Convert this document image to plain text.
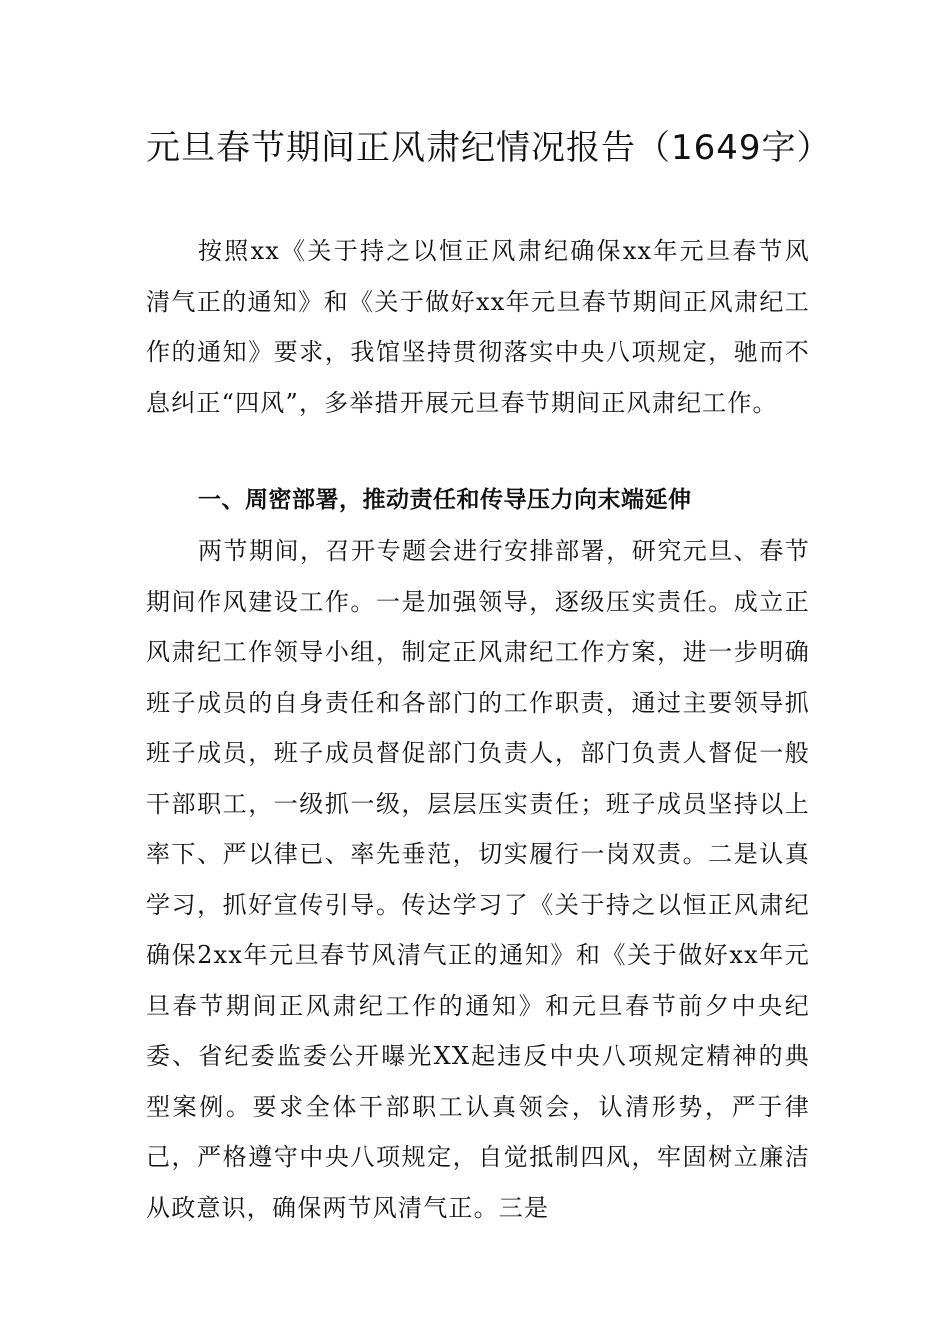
元旦春节期间正风肃纪情况报告（1649字）

按照xx《关于持之以恒正风肃纪确保xx年元旦春节风清气正的通知》和《关于做好xx年元旦春节期间正风肃纪工作的通知》要求，我馆坚持贯彻落实中央八项规定，驰而不息纠正“四风”，多举措开展元旦春节期间正风肃纪工作。

一、周密部署，推动责任和传导压力向末端延伸

两节期间，召开专题会进行安排部署，研究元旦、春节期间作风建设工作。一是加强领导，逐级压实责任。成立正风肃纪工作领导小组，制定正风肃纪工作方案，进一步明确班子成员的自身责任和各部门的工作职责，通过主要领导抓班子成员，班子成员督促部门负责人，部门负责人督促一般干部职工，一级抓一级，层层压实责任；班子成员坚持以上率下、严以律已、率先垂范，切实履行一岗双责。二是认真学习，抓好宣传引导。传达学习了《关于持之以恒正风肃纪确保2xx年元旦春节风清气正的通知》和《关于做好xx年元旦春节期间正风肃纪工作的通知》和元旦春节前夕中央纪委、省纪委监委公开曝光XX起违反中央八项规定精神的典型案例。要求全体干部职工认真领会，认清形势，严于律己，严格遵守中央八项规定，自觉抵制四风，牢固树立廉洁从政意识，确保两节风清气正。三是
